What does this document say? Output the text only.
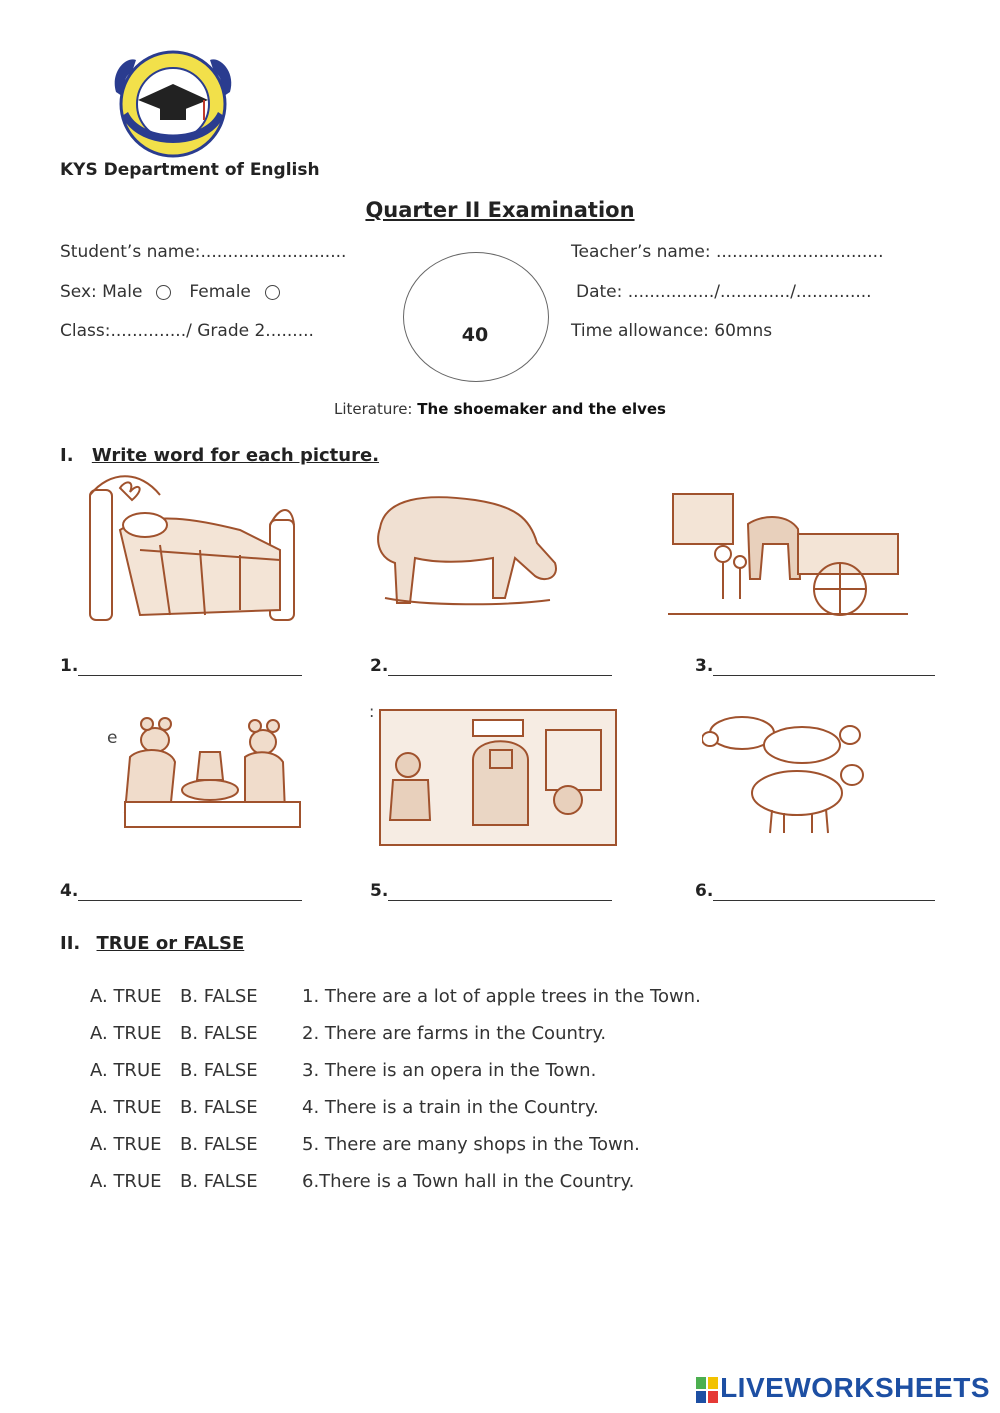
KYS Department of English
Quarter II Examination
Student’s name:...........................
Sex: Male	Female
Class:............../ Grade 2.........	40
Teacher’s name: ...............................
Date: ................/............./..............
Time allowance: 60mns
Literature: The shoemaker and the elves
I. Write word for each picture.
1.	2.	3.
e
:
4.	5.	6.
II. TRUE or FALSE
A. TRUE B. FALSE 1. There are a lot of apple trees in the Town.
A. TRUE B. FALSE 2. There are farms in the Country.
A. TRUE B. FALSE 3. There is an opera in the Town.
A. TRUE B. FALSE 4. There is a train in the Country.
A. TRUE B. FALSE 5. There are many shops in the Town.
A. TRUE B. FALSE 6.There is a Town hall in the Country.
LIVEWORKSHEETS
